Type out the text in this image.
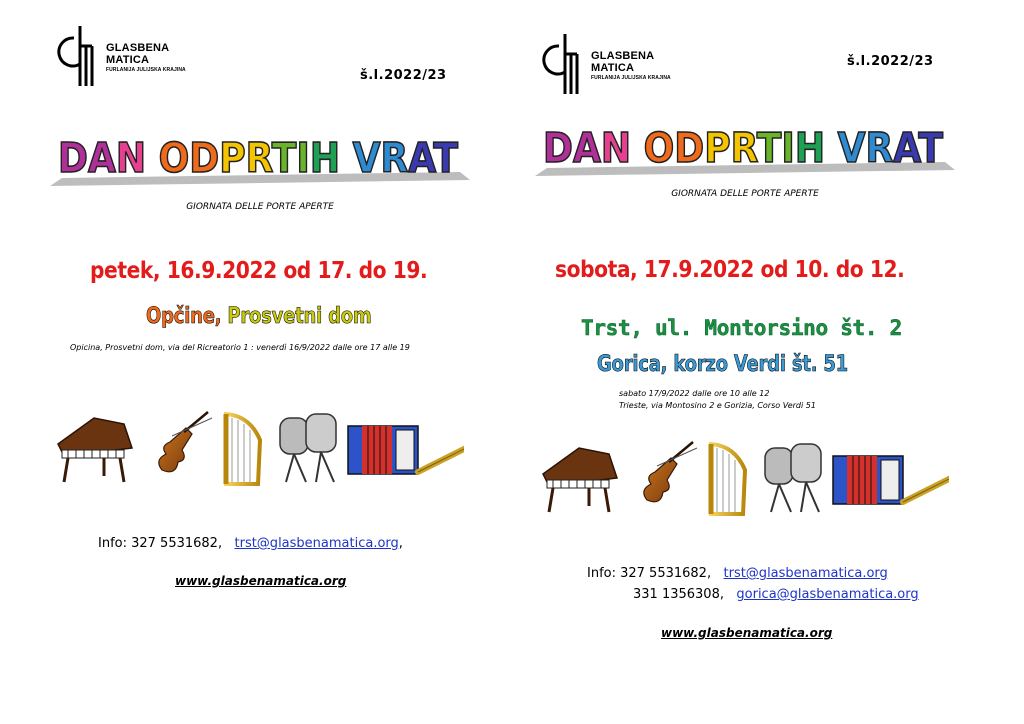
GLASBENA
MATICA
FURLANIJA JULIJSKA KRAJINA	š.l.2022/23
DAN ODPRTIH VRAT
GIORNATA DELLE PORTE APERTE
petek, 16.9.2022 od 17. do 19.
Opčine, Prosvetni dom
Opicina, Prosvetni dom, via del Ricreatorio 1 : venerdì 16/9/2022 dalle ore 17 alle 19
Info: 327 5531682, trst@glasbenamatica.org,
www.glasbenamatica.org
GLASBENA
MATICA
FURLANIJA JULIJSKA KRAJINA
š.l.2022/23
DAN ODPRTIH VRAT
GIORNATA DELLE PORTE APERTE
sobota, 17.9.2022 od 10. do 12.
Trst, ul. Montorsino št. 2
Gorica, korzo Verdi št. 51
sabato 17/9/2022 dalle ore 10 alle 12
Trieste, via Montosino 2 e Gorizia, Corso Verdi 51
Info: 327 5531682, trst@glasbenamatica.org
331 1356308, gorica@glasbenamatica.org
www.glasbenamatica.org
